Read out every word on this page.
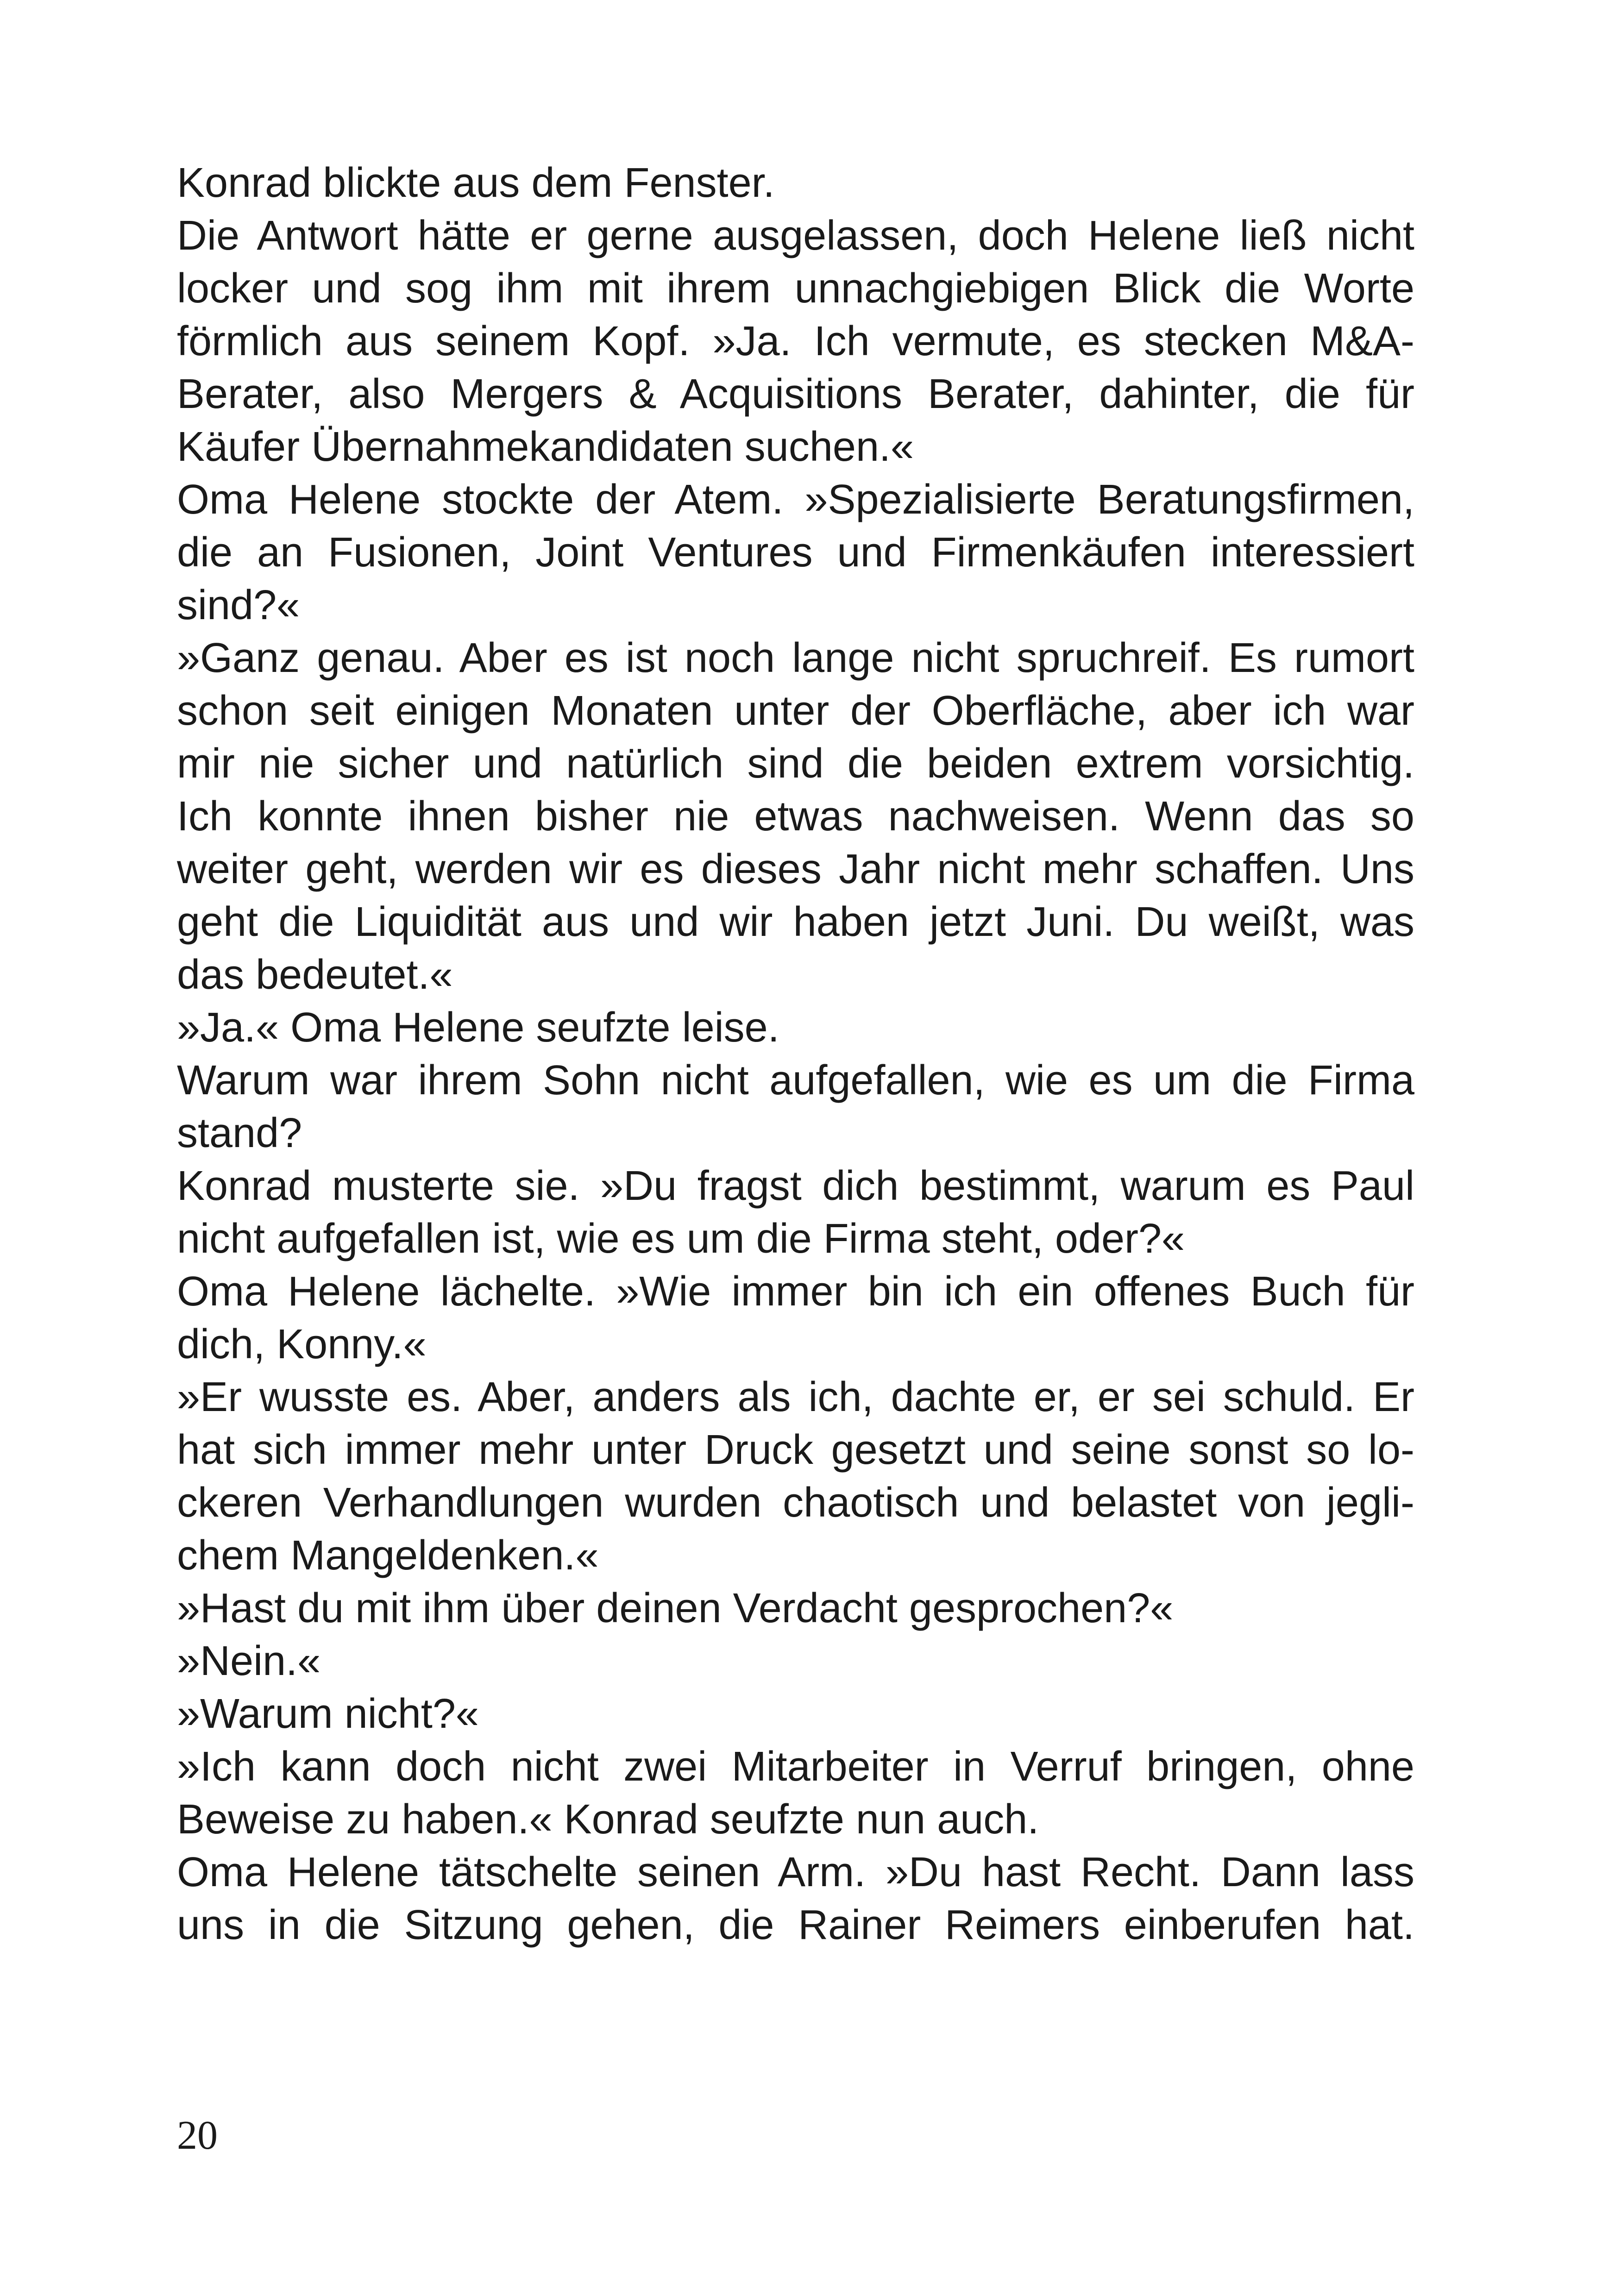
Konrad blickte aus dem Fenster.
Die Antwort hätte er gerne ausgelassen, doch Helene ließ nicht
locker und sog ihm mit ihrem unnachgiebigen Blick die Worte
förmlich aus seinem Kopf. »Ja. Ich vermute, es stecken M&A-
Berater, also Mergers & Acquisitions Berater, dahinter, die für
Käufer Übernahmekandidaten suchen.«
Oma Helene stockte der Atem. »Spezialisierte Beratungsfirmen,
die an Fusionen, Joint Ventures und Firmenkäufen interessiert
sind?«
»Ganz genau. Aber es ist noch lange nicht spruchreif. Es rumort
schon seit einigen Monaten unter der Oberfläche, aber ich war
mir nie sicher und natürlich sind die beiden extrem vorsichtig.
Ich konnte ihnen bisher nie etwas nachweisen. Wenn das so
weiter geht, werden wir es dieses Jahr nicht mehr schaffen. Uns
geht die Liquidität aus und wir haben jetzt Juni. Du weißt, was
das bedeutet.«
»Ja.« Oma Helene seufzte leise.
Warum war ihrem Sohn nicht aufgefallen, wie es um die Firma
stand?
Konrad musterte sie. »Du fragst dich bestimmt, warum es Paul
nicht aufgefallen ist, wie es um die Firma steht, oder?«
Oma Helene lächelte. »Wie immer bin ich ein offenes Buch für
dich, Konny.«
»Er wusste es. Aber, anders als ich, dachte er, er sei schuld. Er
hat sich immer mehr unter Druck gesetzt und seine sonst so lo-
ckeren Verhandlungen wurden chaotisch und belastet von jegli-
chem Mangeldenken.«
»Hast du mit ihm über deinen Verdacht gesprochen?«
»Nein.«
»Warum nicht?«
»Ich kann doch nicht zwei Mitarbeiter in Verruf bringen, ohne
Beweise zu haben.« Konrad seufzte nun auch.
Oma Helene tätschelte seinen Arm. »Du hast Recht. Dann lass
uns in die Sitzung gehen, die Rainer Reimers einberufen hat.
20
